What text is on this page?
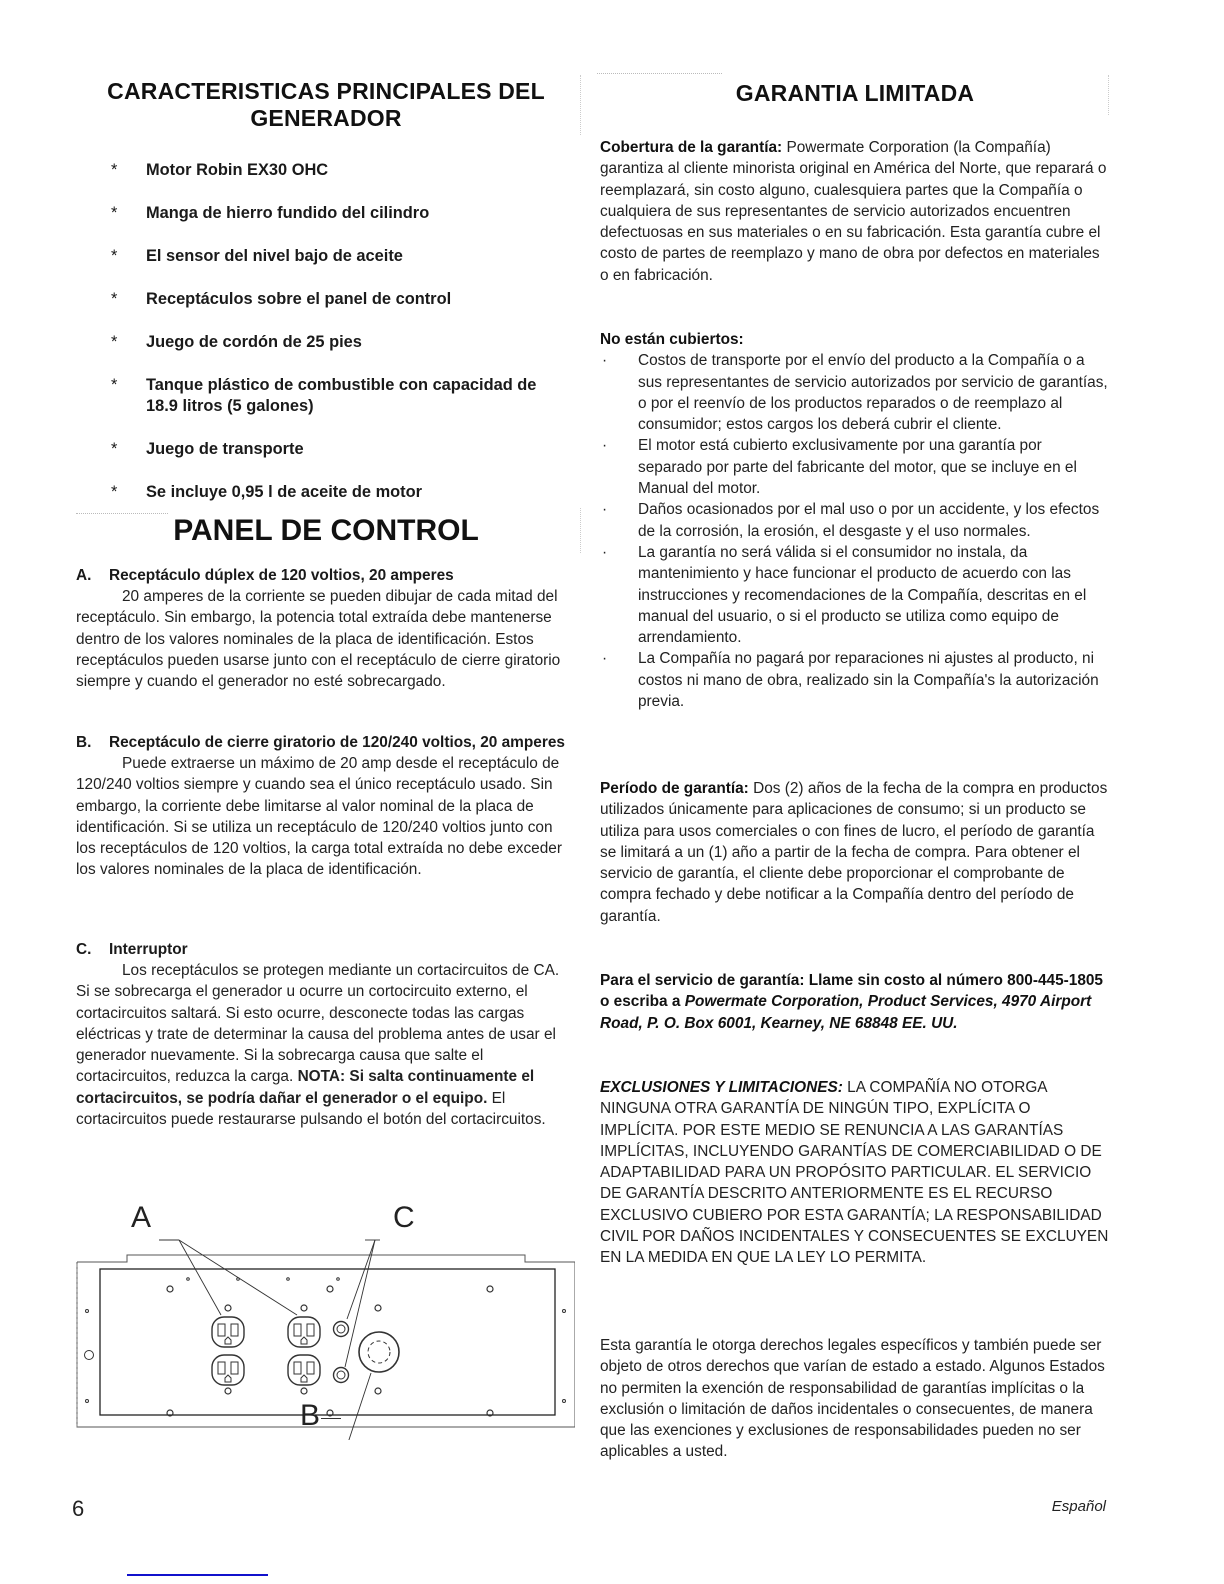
CARACTERISTICAS PRINCIPALES DEL
GENERADOR
* Motor Robin EX30 OHC
* Manga de hierro fundido del cilindro
* El sensor del nivel bajo de aceite
* Receptáculos sobre el panel de control
* Juego de cordón de 25 pies
* Tanque plástico de combustible con capacidad de 18.9 litros (5 galones)
* Juego de transporte
* Se incluye 0,95 l de aceite de motor
PANEL DE CONTROL

A. Receptáculo dúplex de 120 voltios, 20 amperes

20 amperes de la corriente se pueden dibujar de cada mitad del receptáculo. Sin embargo, la potencia total extraída debe mantenerse dentro de los valores nominales de la placa de identificación. Estos receptáculos pueden usarse junto con el receptáculo de cierre giratorio siempre y cuando el generador no esté sobrecargado.

B. Receptáculo de cierre giratorio de 120/240 voltios, 20 amperes

Puede extraerse un máximo de 20 amp desde el receptáculo de 120/240 voltios siempre y cuando sea el único receptáculo usado. Sin embargo, la corriente debe limitarse al valor nominal de la placa de identificación. Si se utiliza un receptáculo de 120/240 voltios junto con los receptáculos de 120 voltios, la carga total extraída no debe exceder los valores nominales de la placa de identificación.

C. Interruptor

Los receptáculos se protegen mediante un cortacircuitos de CA. Si se sobrecarga el generador u ocurre un cortocircuito externo, el cortacircuitos saltará. Si esto ocurre, desconecte todas las cargas eléctricas y trate de determinar la causa del problema antes de usar el generador nuevamente. Si la sobrecarga causa que salte el cortacircuitos, reduzca la carga. NOTA: Si salta continuamente el cortacircuitos, se podría dañar el generador o el equipo. El cortacircuitos puede restaurarse pulsando el botón del cortacircuitos.

A	C
B
GARANTIA LIMITADA

Cobertura de la garantía: Powermate Corporation (la Compañía) garantiza al cliente minorista original en América del Norte, que reparará o reemplazará, sin costo alguno, cualesquiera partes que la Compañía o cualquiera de sus representantes de servicio autorizados encuentren defectuosas en sus materiales o en su fabricación. Esta garantía cubre el costo de partes de reemplazo y mano de obra por defectos en materiales o en fabricación.

No están cubiertos:

· Costos de transporte por el envío del producto a la Compañía o a sus representantes de servicio autorizados por servicio de garantías, o por el reenvío de los productos reparados o de reemplazo al consumidor; estos cargos los deberá cubrir el cliente.
· El motor está cubierto exclusivamente por una garantía por separado por parte del fabricante del motor, que se incluye en el Manual del motor.
· Daños ocasionados por el mal uso o por un accidente, y los efectos de la corrosión, la erosión, el desgaste y el uso normales.
· La garantía no será válida si el consumidor no instala, da mantenimiento y hace funcionar el producto de acuerdo con las instrucciones y recomendaciones de la Compañía, descritas en el manual del usuario, o si el producto se utiliza como equipo de arrendamiento.
· La Compañía no pagará por reparaciones ni ajustes al producto, ni costos ni mano de obra, realizado sin la Compañía's la autorización previa.

Período de garantía: Dos (2) años de la fecha de la compra en productos utilizados únicamente para aplicaciones de consumo; si un producto se utiliza para usos comerciales o con fines de lucro, el período de garantía se limitará a un (1) año a partir de la fecha de compra. Para obtener el servicio de garantía, el cliente debe proporcionar el comprobante de compra fechado y debe notificar a la Compañía dentro del período de garantía.

Para el servicio de garantía: Llame sin costo al número 800-445-1805 o escriba a Powermate Corporation, Product Services, 4970 Airport Road, P. O. Box 6001, Kearney, NE 68848 EE. UU.

EXCLUSIONES Y LIMITACIONES: LA COMPAÑÍA NO OTORGA NINGUNA OTRA GARANTÍA DE NINGÚN TIPO, EXPLÍCITA O IMPLÍCITA. POR ESTE MEDIO SE RENUNCIA A LAS GARANTÍAS IMPLÍCITAS, INCLUYENDO GARANTÍAS DE COMERCIABILIDAD O DE ADAPTABILIDAD PARA UN PROPÓSITO PARTICULAR. EL SERVICIO DE GARANTÍA DESCRITO ANTERIORMENTE ES EL RECURSO EXCLUSIVO CUBIERO POR ESTA GARANTÍA; LA RESPONSABILIDAD CIVIL POR DAÑOS INCIDENTALES Y CONSECUENTES SE EXCLUYEN EN LA MEDIDA EN QUE LA LEY LO PERMITA.

Esta garantía le otorga derechos legales específicos y también puede ser objeto de otros derechos que varían de estado a estado. Algunos Estados no permiten la exención de responsabilidad de garantías implícitas o la exclusión o limitación de daños incidentales o consecuentes, de manera que las exenciones y exclusiones de responsabilidades pueden no ser aplicables a usted.

6	Español
